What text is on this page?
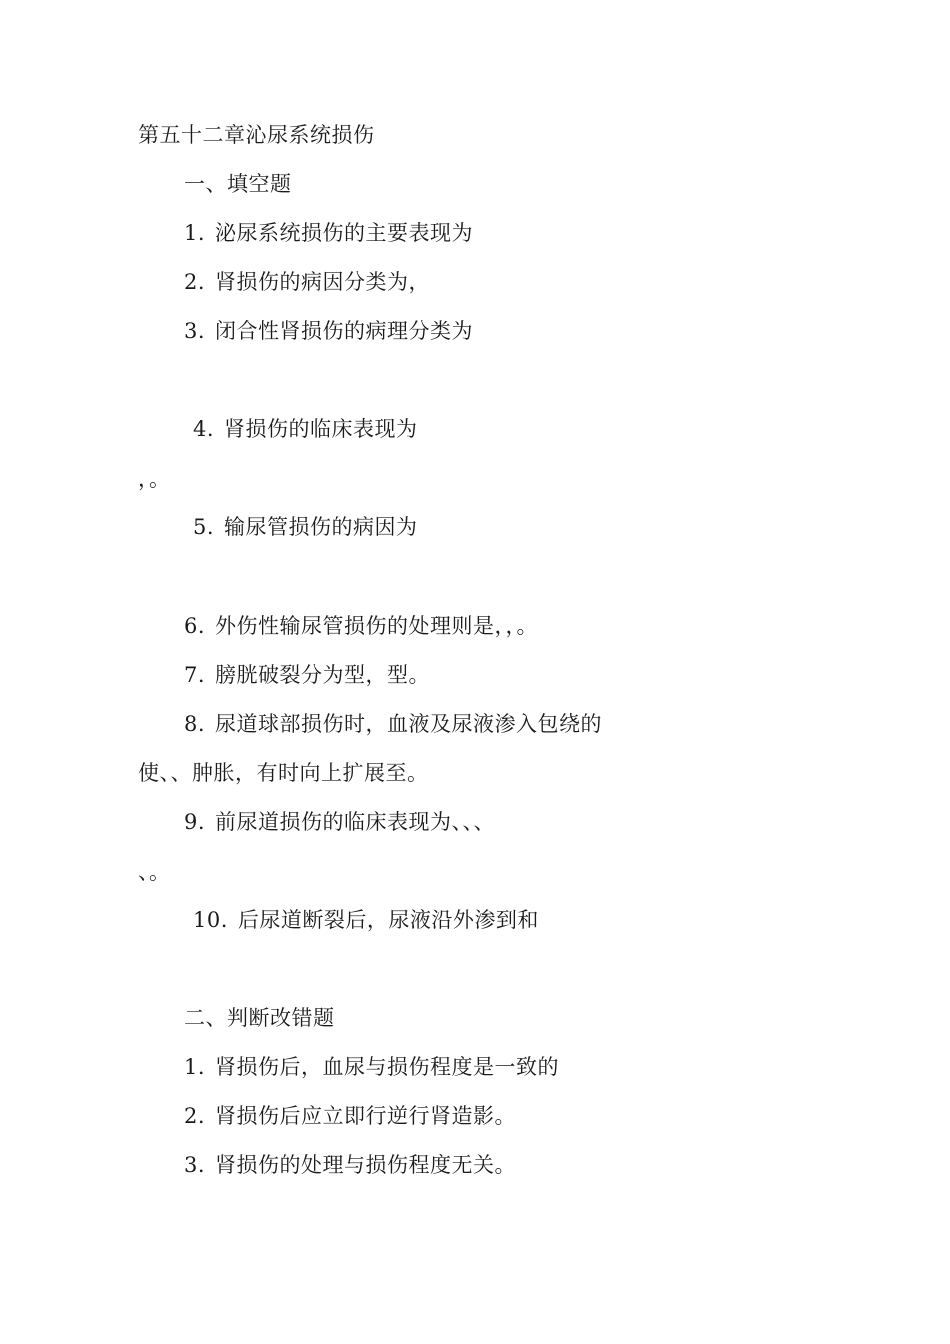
第五十二章沁尿系统损伤
一、填空题
1. 泌尿系统损伤的主要表现为
2. 肾损伤的病因分类为，
3. 闭合性肾损伤的病理分类为
4. 肾损伤的临床表现为
，。
5. 输尿管损伤的病因为
6. 外伤性输尿管损伤的处理则是，，。
7. 膀胱破裂分为型，型。
8. 尿道球部损伤时，血液及尿液渗入包绕的
使、、肿胀，有时向上扩展至。
9. 前尿道损伤的临床表现为、、、
、。
10. 后尿道断裂后，尿液沿外渗到和
二、判断改错题
1. 肾损伤后，血尿与损伤程度是一致的
2. 肾损伤后应立即行逆行肾造影。
3. 肾损伤的处理与损伤程度无关。
